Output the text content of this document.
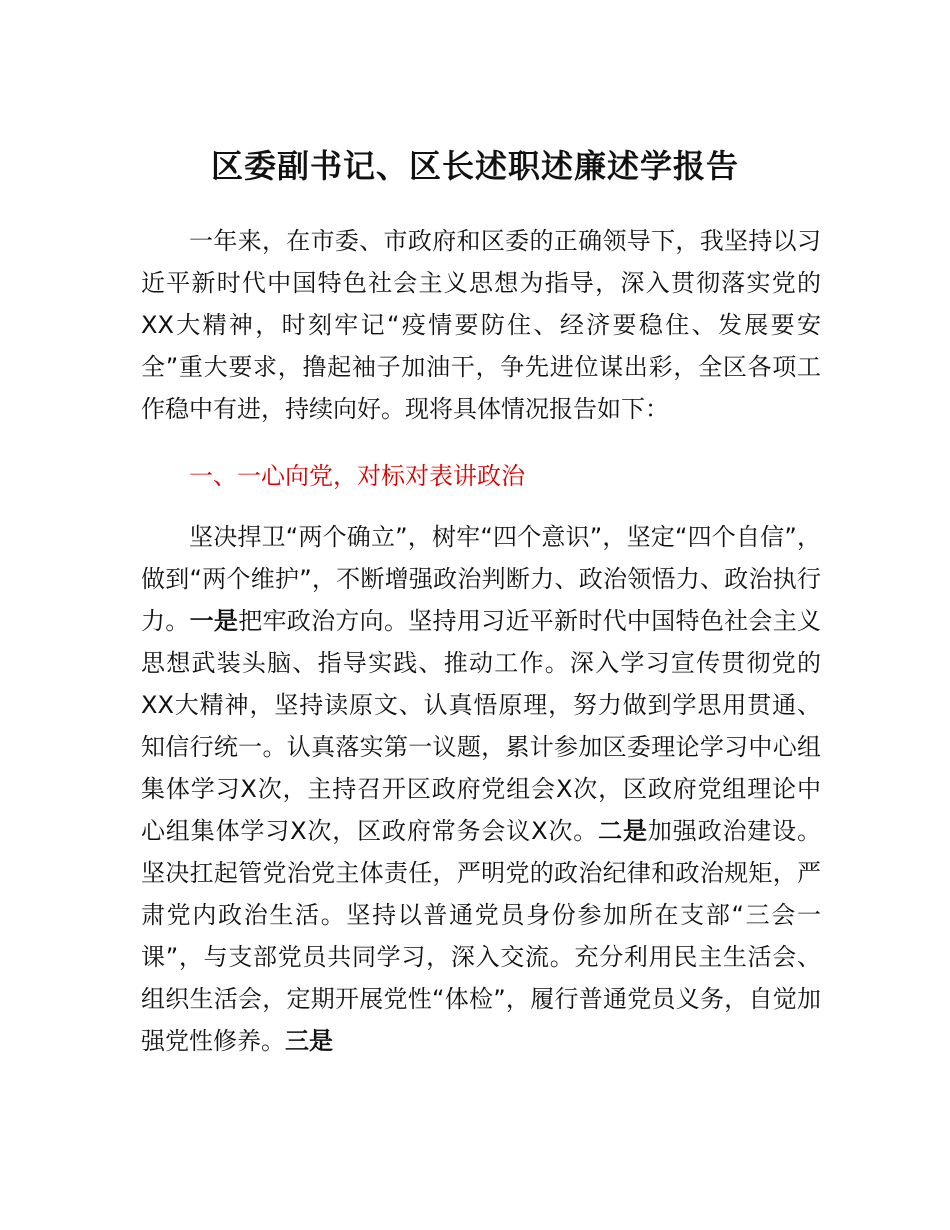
区委副书记、区长述职述廉述学报告

一年来，在市委、市政府和区委的正确领导下，我坚持以习近平新时代中国特色社会主义思想为指导，深入贯彻落实党的XX大精神，时刻牢记“疫情要防住、经济要稳住、发展要安全”重大要求，撸起袖子加油干，争先进位谋出彩，全区各项工作稳中有进，持续向好。现将具体情况报告如下：

一、一心向党，对标对表讲政治

坚决捍卫“两个确立”，树牢“四个意识”，坚定“四个自信”，做到“两个维护”，不断增强政治判断力、政治领悟力、政治执行力。一是把牢政治方向。坚持用习近平新时代中国特色社会主义思想武装头脑、指导实践、推动工作。深入学习宣传贯彻党的XX大精神，坚持读原文、认真悟原理，努力做到学思用贯通、知信行统一。认真落实第一议题，累计参加区委理论学习中心组集体学习X次，主持召开区政府党组会X次，区政府党组理论中心组集体学习X次，区政府常务会议X次。二是加强政治建设。坚决扛起管党治党主体责任，严明党的政治纪律和政治规矩，严肃党内政治生活。坚持以普通党员身份参加所在支部“三会一课”，与支部党员共同学习，深入交流。充分利用民主生活会、组织生活会，定期开展党性“体检”，履行普通党员义务，自觉加强党性修养。三是
